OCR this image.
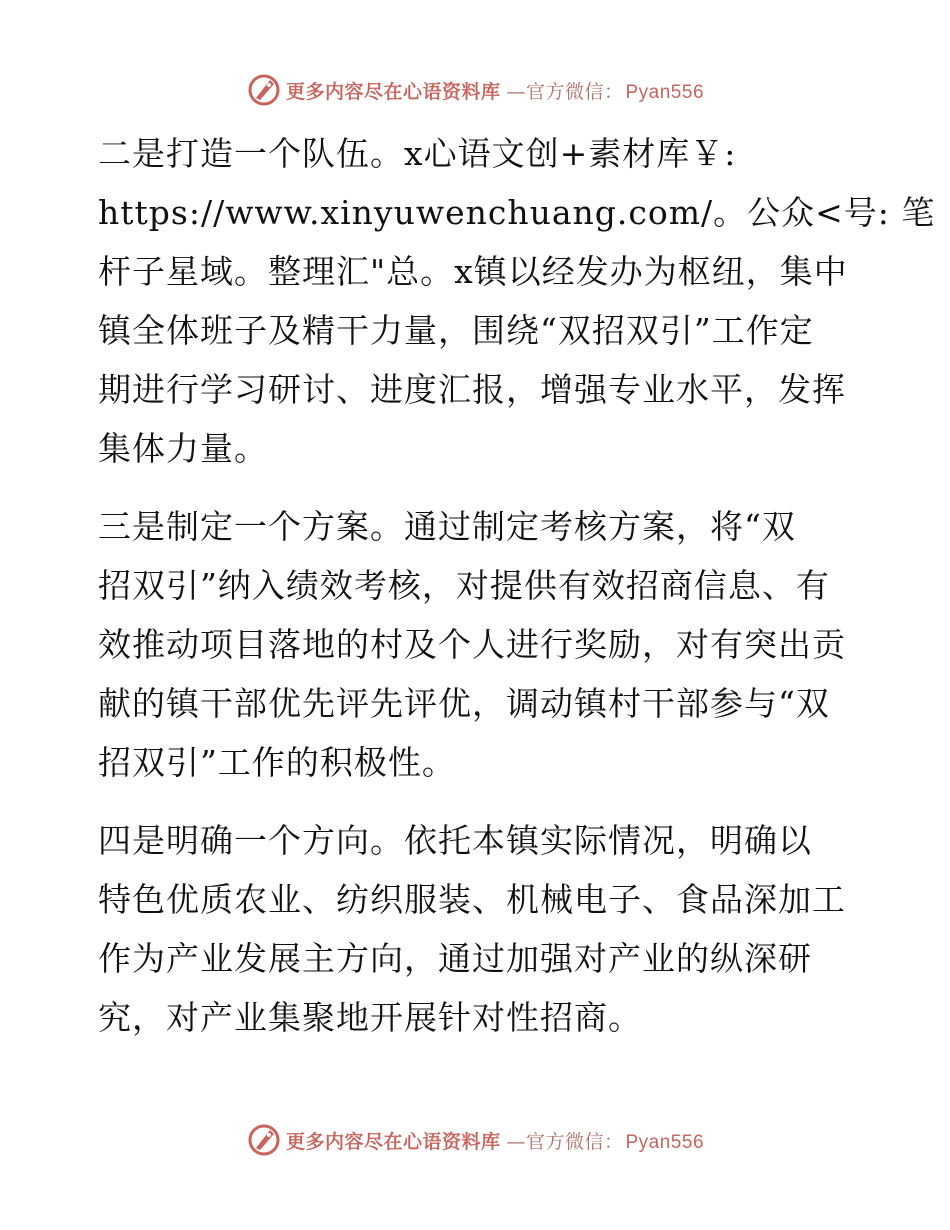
更多内容尽在心语资料库 —官方微信： Pyan556
二是打造一个队伍。x心语文创+素材库￥:
https://www.xinyuwenchuang.com/。公众<号: 笔
杆子星域。整理汇"总。x镇以经发办为枢纽，集中
镇全体班子及精干力量，围绕“双招双引”工作定
期进行学习研讨、进度汇报，增强专业水平，发挥
集体力量。
三是制定一个方案。通过制定考核方案，将“双
招双引”纳入绩效考核，对提供有效招商信息、有
效推动项目落地的村及个人进行奖励，对有突出贡
献的镇干部优先评先评优，调动镇村干部参与“双
招双引”工作的积极性。
四是明确一个方向。依托本镇实际情况，明确以
特色优质农业、纺织服装、机械电子、食品深加工
作为产业发展主方向，通过加强对产业的纵深研
究，对产业集聚地开展针对性招商。
更多内容尽在心语资料库 —官方微信： Pyan556
